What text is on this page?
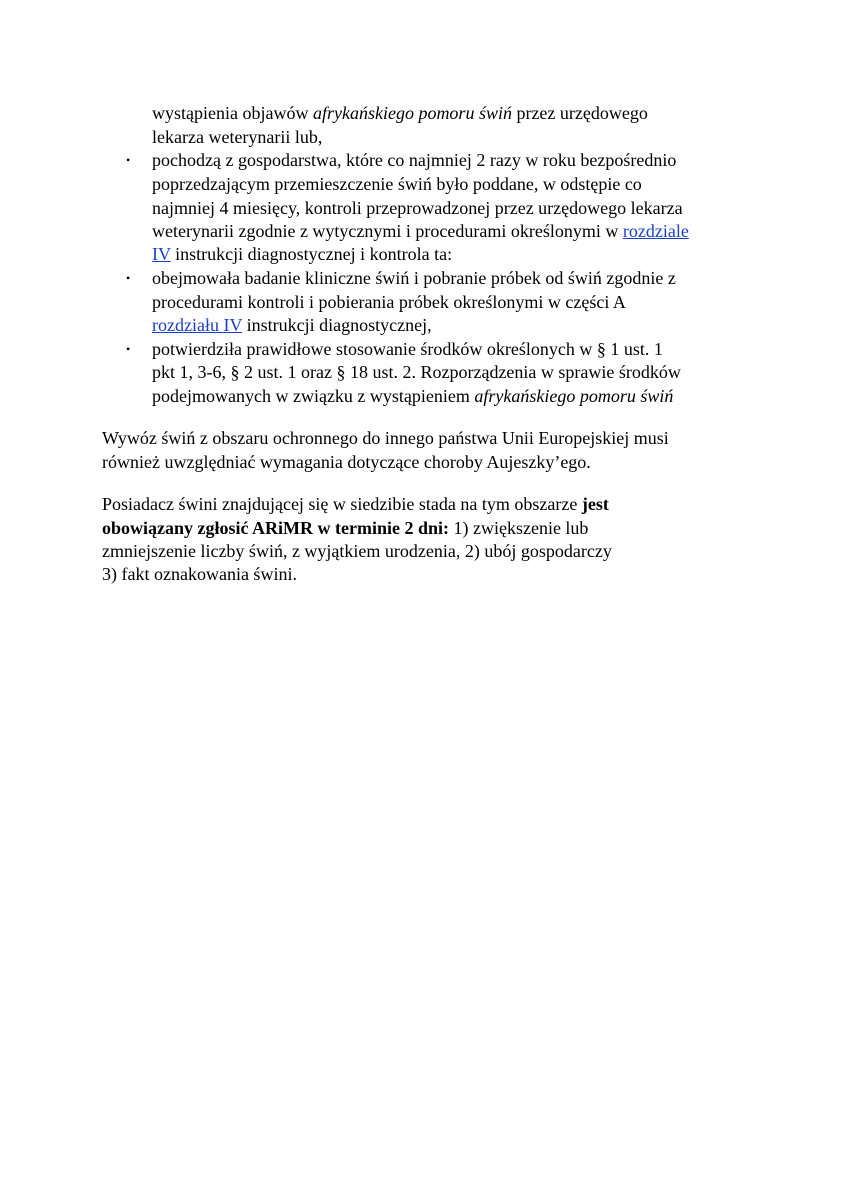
wystąpienia objawów afrykańskiego pomoru świń przez urzędowego
lekarza weterynarii lub,
• pochodzą z gospodarstwa, które co najmniej 2 razy w roku bezpośrednio
poprzedzającym przemieszczenie świń było poddane, w odstępie co
najmniej 4 miesięcy, kontroli przeprowadzonej przez urzędowego lekarza
weterynarii zgodnie z wytycznymi i procedurami określonymi w rozdziale
IV instrukcji diagnostycznej i kontrola ta:
• obejmowała badanie kliniczne świń i pobranie próbek od świń zgodnie z
procedurami kontroli i pobierania próbek określonymi w części A
rozdziału IV instrukcji diagnostycznej,
• potwierdziła prawidłowe stosowanie środków określonych w § 1 ust. 1
pkt 1, 3-6, § 2 ust. 1 oraz § 18 ust. 2. Rozporządzenia w sprawie środków
podejmowanych w związku z wystąpieniem afrykańskiego pomoru świń
Wywóz świń z obszaru ochronnego do innego państwa Unii Europejskiej musi
również uwzględniać wymagania dotyczące choroby Aujeszky’ego.
Posiadacz świni znajdującej się w siedzibie stada na tym obszarze jest
obowiązany zgłosić ARiMR w terminie 2 dni: 1) zwiększenie lub
zmniejszenie liczby świń, z wyjątkiem urodzenia, 2) ubój gospodarczy
3) fakt oznakowania świni.
